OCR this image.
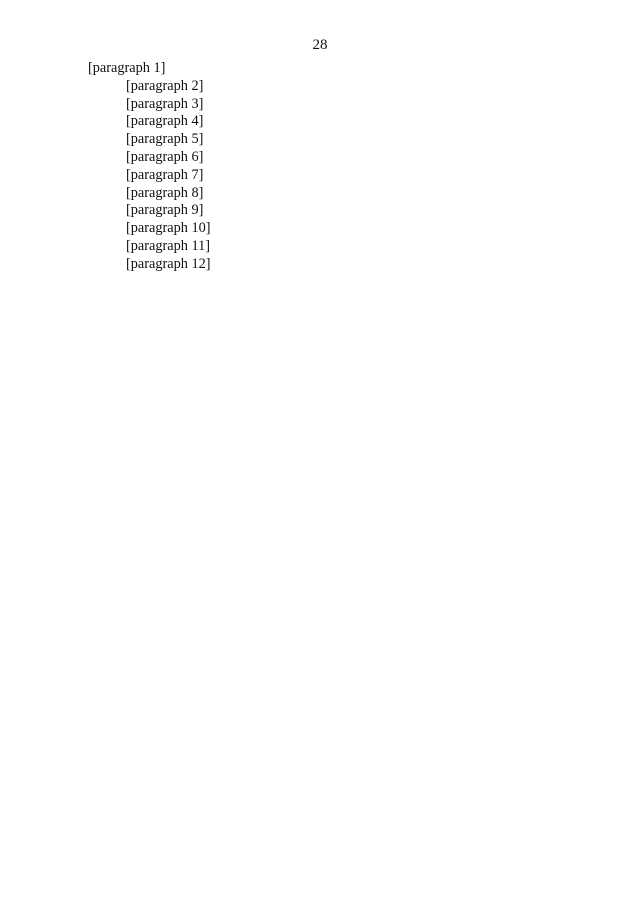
28

[paragraph 1]

[paragraph 2]

[paragraph 3]

[paragraph 4]

[paragraph 5]

[paragraph 6]

[paragraph 7]

[paragraph 8]

[paragraph 9]

[paragraph 10]

[paragraph 11]

[paragraph 12]
